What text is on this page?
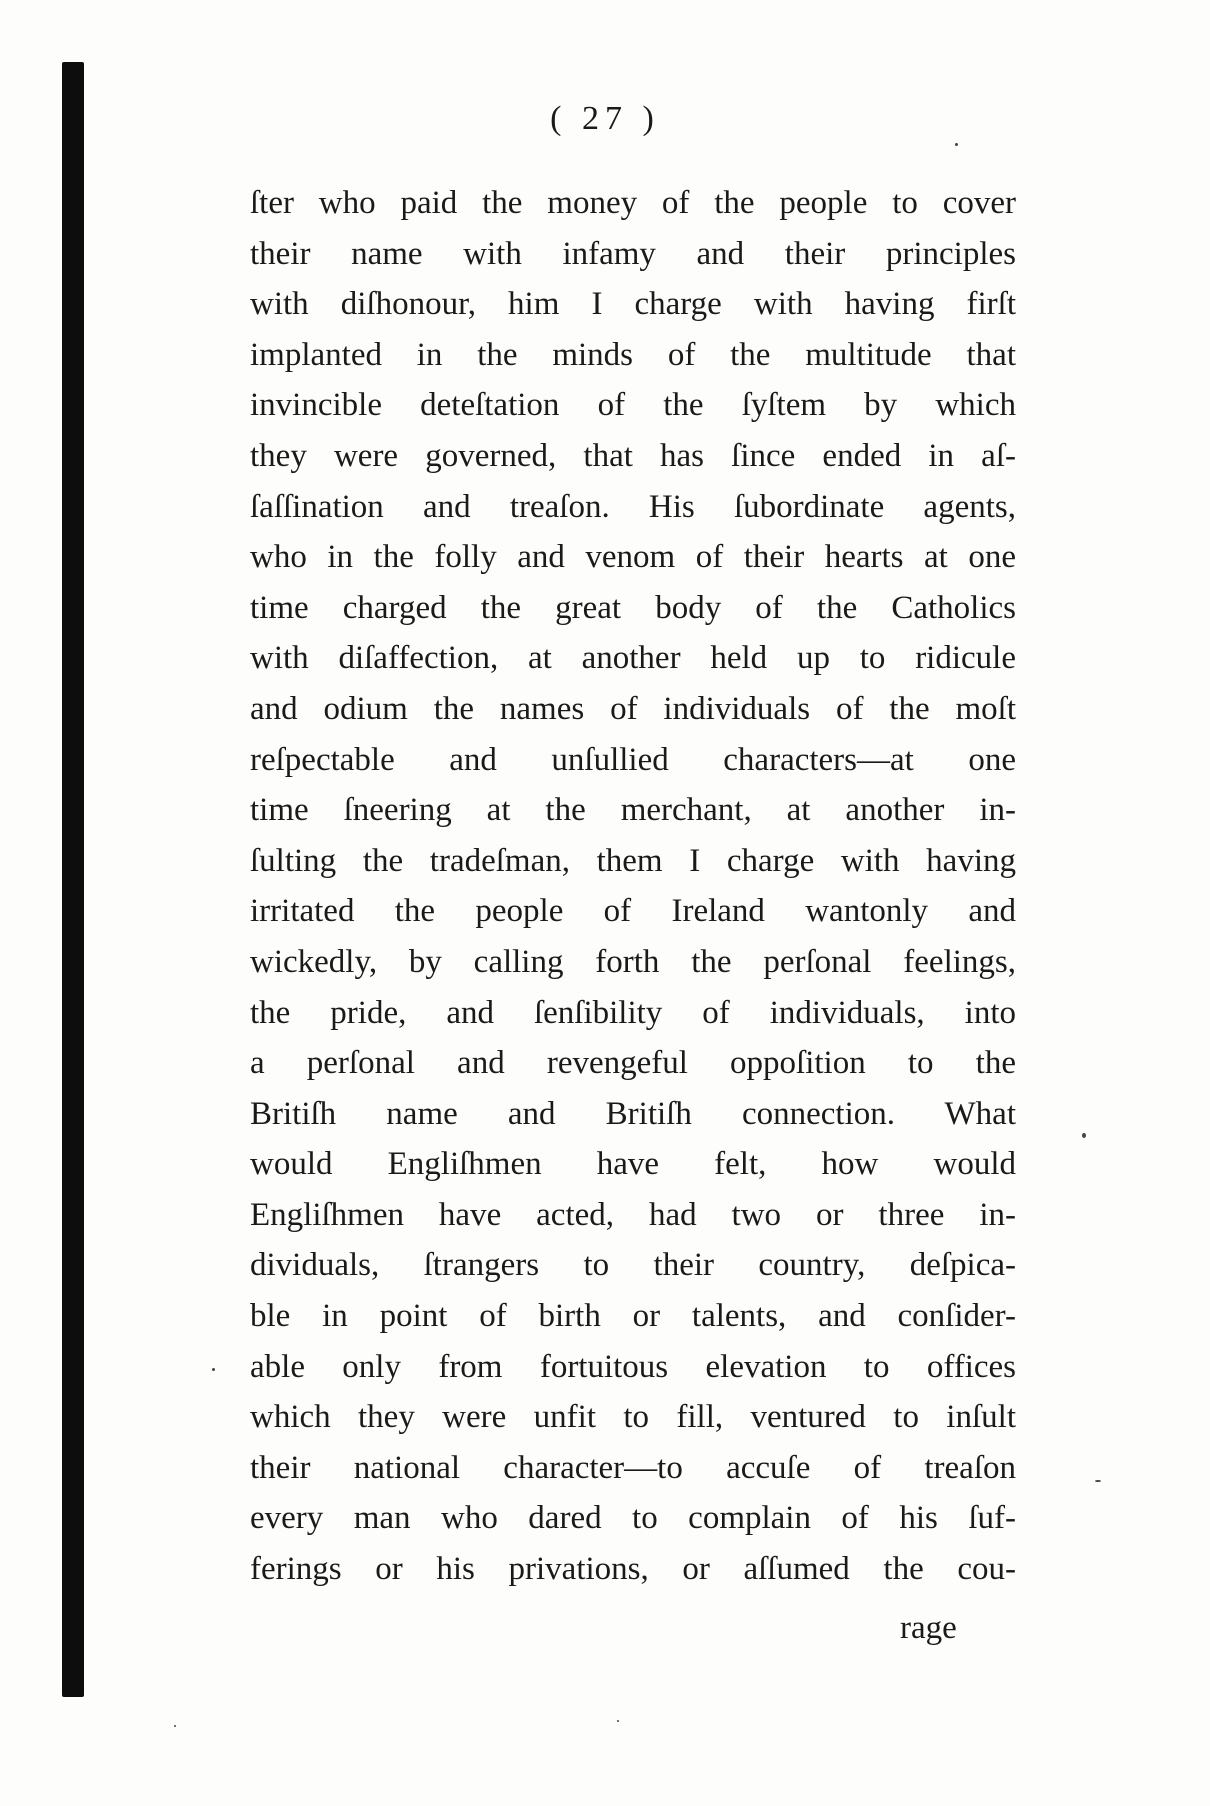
( 27 )
ſter who paid the money of the people to cover
their name with infamy and their principles
with diſhonour, him I charge with having firſt
implanted in the minds of the multitude that
invincible deteſtation of the ſyſtem by which
they were governed, that has ſince ended in aſ-
ſaſſination and treaſon. His ſubordinate agents,
who in the folly and venom of their hearts at one
time charged the great body of the Catholics
with diſaffection, at another held up to ridicule
and odium the names of individuals of the moſt
reſpectable and unſullied characters—at one
time ſneering at the merchant, at another in-
ſulting the tradeſman, them I charge with having
irritated the people of Ireland wantonly and
wickedly, by calling forth the perſonal feelings,
the pride, and ſenſibility of individuals, into
a perſonal and revengeful oppoſition to the
Britiſh name and Britiſh connection. What
would Engliſhmen have felt, how would
Engliſhmen have acted, had two or three in-
dividuals, ſtrangers to their country, deſpica-
ble in point of birth or talents, and conſider-
able only from fortuitous elevation to offices
which they were unfit to fill, ventured to inſult
their national character—to accuſe of treaſon
every man who dared to complain of his ſuf-
ferings or his privations, or aſſumed the cou-
rage
